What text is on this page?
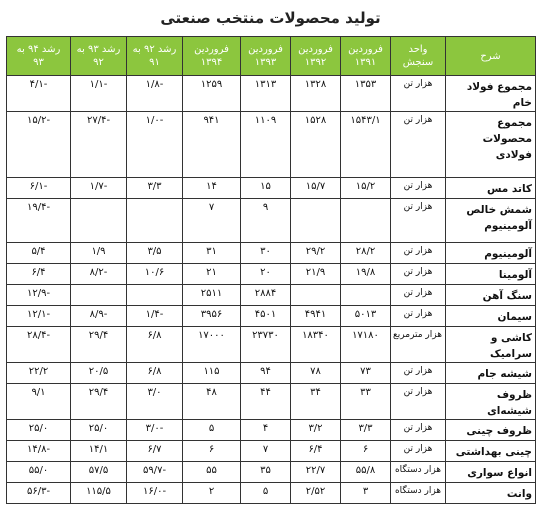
تولید محصولات منتخب صنعتی
شرح	واحد سنجش	فروردین ۱۳۹۱	فروردین ۱۳۹۲	فروردین ۱۳۹۳	فروردین ۱۳۹۴	رشد ۹۲ به ۹۱	رشد ۹۳ به ۹۲	رشد ۹۴ به ۹۳
مجموع فولاد خام	هزار تن	۱۳۵۳	۱۳۲۸	۱۳۱۳	۱۲۵۹	-۱/۸	-۱/۱	-۴/۱
مجموع محصولات فولادی	هزار تن	۱۵۴۳/۱	۱۵۲۸	۱۱۰۹	۹۴۱	-۱/۰	-۲۷/۴	-۱۵/۲
کاتد مس	هزار تن	۱۵/۲	۱۵/۷	۱۵	۱۴	۳/۳	-۱/۷	-۶/۱
شمش خالص آلومینیوم	هزار تن			۹	۷			-۱۹/۴
آلومینیوم	هزار تن	۲۸/۲	۲۹/۲	۳۰	۳۱	۳/۵	۱/۹	۵/۴
آلومینا	هزار تن	۱۹/۸	۲۱/۹	۲۰	۲۱	۱۰/۶	-۸/۲	۶/۴
سنگ آهن	هزار تن			۲۸۸۴	۲۵۱۱			-۱۲/۹
سیمان	هزار تن	۵۰۱۳	۴۹۴۱	۴۵۰۱	۳۹۵۶	-۱/۴	-۸/۹	-۱۲/۱
کاشی و سرامیک	هزار مترمربع	۱۷۱۸۰	۱۸۳۴۰	۲۳۷۳۰	۱۷۰۰۰	۶/۸	۲۹/۴	-۲۸/۴
شیشه جام	هزار تن	۷۳	۷۸	۹۴	۱۱۵	۶/۸	۲۰/۵	۲۲/۲
ظروف شیشه‌ای	هزار تن	۳۳	۳۴	۴۴	۴۸	۳/۰	۲۹/۴	۹/۱
ظروف چینی	هزار تن	۳/۳	۳/۲	۴	۵	-۳/۰	۲۵/۰	۲۵/۰
چینی بهداشتی	هزار تن	۶	۶/۴	۷	۶	۶/۷	۱۴/۱	-۱۴/۸
انواع سواری	هزار دستگاه	۵۵/۸	۲۲/۷	۳۵	۵۵	-۵۹/۷	۵۷/۵	۵۵/۰
وانت	هزار دستگاه	۳	۲/۵۲	۵	۲	-۱۶/۰	۱۱۵/۵	-۵۶/۳
